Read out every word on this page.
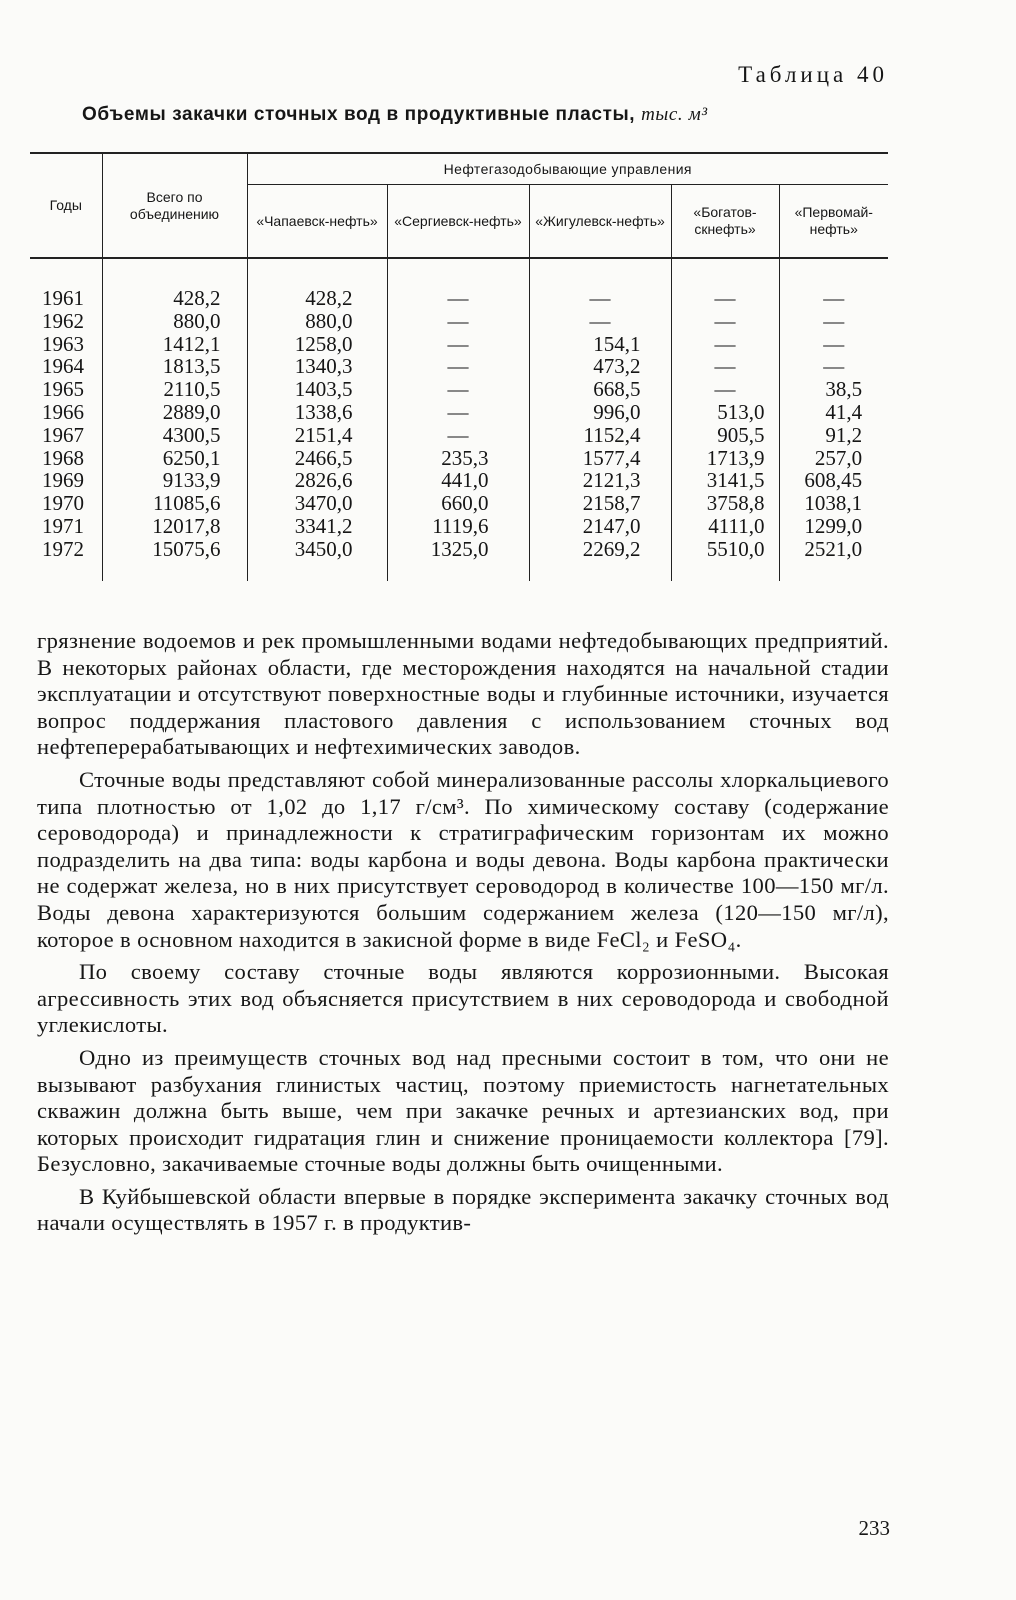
Таблица 40
Объемы закачки сточных вод в продуктивные пласты, тыс. м³
Годы	Всего по объединению	Нефтегазодобывающие управления				
		«Чапаевск-нефть»	«Сергиевск-нефть»	«Жигулевск-нефть»	«Богатов-скнефть»	«Первомай-нефть»

1961	428,2	428,2	—	—	—	—
1962	880,0	880,0	—	—	—	—
1963	1412,1	1258,0	—	154,1	—	—
1964	1813,5	1340,3	—	473,2	—	—
1965	2110,5	1403,5	—	668,5	—	38,5
1966	2889,0	1338,6	—	996,0	513,0	41,4
1967	4300,5	2151,4	—	1152,4	905,5	91,2
1968	6250,1	2466,5	235,3	1577,4	1713,9	257,0
1969	9133,9	2826,6	441,0	2121,3	3141,5	608,45
1970	11085,6	3470,0	660,0	2158,7	3758,8	1038,1
1971	12017,8	3341,2	1119,6	2147,0	4111,0	1299,0
1972	15075,6	3450,0	1325,0	2269,2	5510,0	2521,0

грязнение водоемов и рек промышленными водами нефтедобывающих предприятий. В некоторых районах области, где месторождения находятся на начальной стадии эксплуатации и отсутствуют поверхностные воды и глубинные источники, изучается вопрос поддержания пластового давления с использованием сточных вод нефтеперерабатывающих и нефтехимических заводов.

Сточные воды представляют собой минерализованные рассолы хлоркальциевого типа плотностью от 1,02 до 1,17 г/см³. По химическому составу (содержание сероводорода) и принадлежности к стратиграфическим горизонтам их можно подразделить на два типа: воды карбона и воды девона. Воды карбона практически не содержат железа, но в них присутствует сероводород в количестве 100—150 мг/л. Воды девона характеризуются большим содержанием железа (120—150 мг/л), которое в основном находится в закисной форме в виде FeCl₂ и FeSO₄.

По своему составу сточные воды являются коррозионными. Высокая агрессивность этих вод объясняется присутствием в них сероводорода и свободной углекислоты.

Одно из преимуществ сточных вод над пресными состоит в том, что они не вызывают разбухания глинистых частиц, поэтому приемистость нагнетательных скважин должна быть выше, чем при закачке речных и артезианских вод, при которых происходит гидратация глин и снижение проницаемости коллектора [79]. Безусловно, закачиваемые сточные воды должны быть очищенными.

В Куйбышевской области впервые в порядке эксперимента закачку сточных вод начали осуществлять в 1957 г. в продуктив-

233
